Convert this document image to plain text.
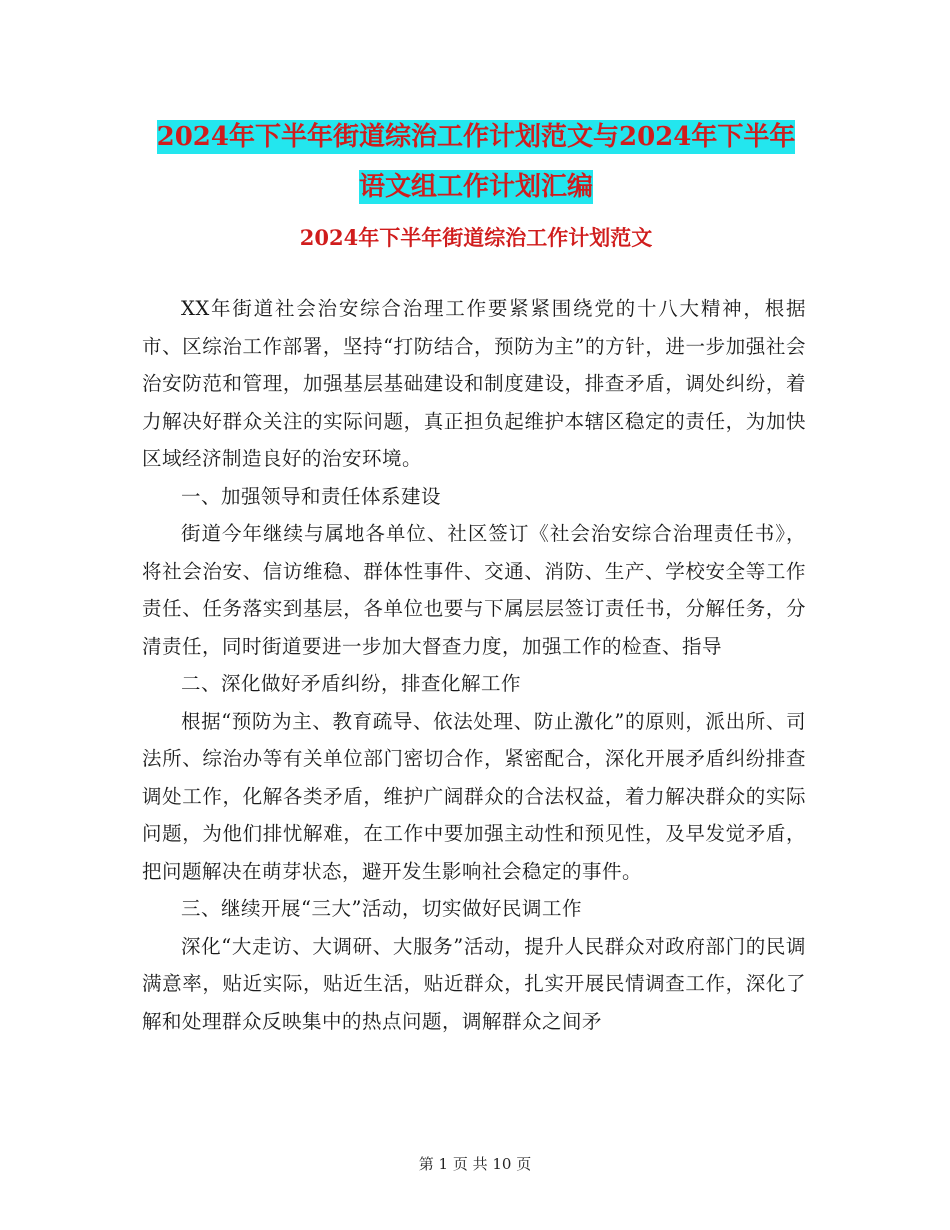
2024年下半年街道综治工作计划范文与2024年下半年
语文组工作计划汇编
2024年下半年街道综治工作计划范文

XX年街道社会治安综合治理工作要紧紧围绕党的十八大精神，根据市、区综治工作部署，坚持“打防结合，预防为主”的方针，进一步加强社会治安防范和管理，加强基层基础建设和制度建设，排查矛盾，调处纠纷，着力解决好群众关注的实际问题，真正担负起维护本辖区稳定的责任，为加快区域经济制造良好的治安环境。

一、加强领导和责任体系建设

街道今年继续与属地各单位、社区签订《社会治安综合治理责任书》，将社会治安、信访维稳、群体性事件、交通、消防、生产、学校安全等工作责任、任务落实到基层，各单位也要与下属层层签订责任书，分解任务，分清责任，同时街道要进一步加大督查力度，加强工作的检查、指导

二、深化做好矛盾纠纷，排查化解工作

根据“预防为主、教育疏导、依法处理、防止激化”的原则，派出所、司法所、综治办等有关单位部门密切合作，紧密配合，深化开展矛盾纠纷排查调处工作，化解各类矛盾，维护广阔群众的合法权益，着力解决群众的实际问题，为他们排忧解难，在工作中要加强主动性和预见性，及早发觉矛盾，把问题解决在萌芽状态，避开发生影响社会稳定的事件。

三、继续开展“三大”活动，切实做好民调工作

深化“大走访、大调研、大服务”活动，提升人民群众对政府部门的民调满意率，贴近实际，贴近生活，贴近群众，扎实开展民情调查工作，深化了解和处理群众反映集中的热点问题，调解群众之间矛

第 1 页 共 10 页
